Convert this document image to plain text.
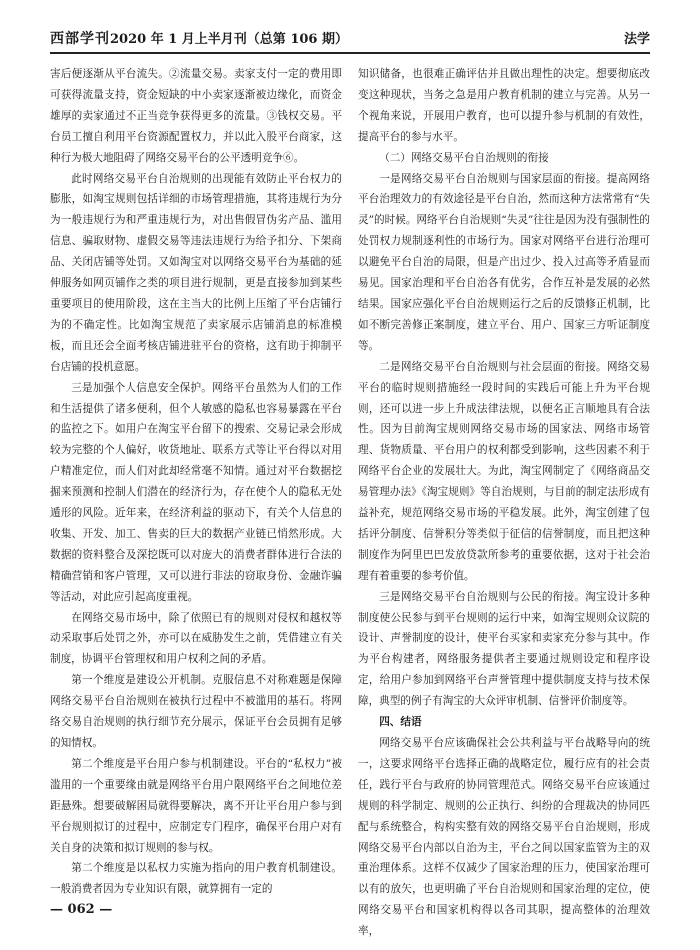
西部学刊2020 年 1 月上半月刊（总第 106 期）	法学

害后便逐渐从平台流失。②流量交易。卖家支付一定的费用即可获得流量支持，资金短缺的中小卖家逐渐被边缘化，而资金雄厚的卖家通过不正当竞争获得更多的流量。③钱权交易。平台员工擅自利用平台资源配置权力，并以此入股平台商家，这种行为极大地阻碍了网络交易平台的公平透明竞争⑥。

此时网络交易平台自治规则的出现能有效防止平台权力的膨胀，如淘宝规则包括详细的市场管理措施，其将违规行为分为一般违规行为和严重违规行为，对出售假冒伪劣产品、滥用信息、骗取财物、虚假交易等违法违规行为给予扣分、下架商品、关闭店铺等处罚。又如淘宝对以网络交易平台为基础的延伸服务如网页铺作之类的项目进行规制，更是直接参加到某些重要项目的使用阶段，这在主当大的比例上压缩了平台店铺行为的不确定性。比如淘宝规范了卖家展示店铺消息的标准模板，而且还会全面考核店铺进驻平台的资格，这有助于抑制平台店铺的投机意愿。

三是加强个人信息安全保护。网络平台虽然为人们的工作和生活提供了诸多便利，但个人敏感的隐私也容易暴露在平台的监控之下。如用户在淘宝平台留下的搜索、交易记录会形成较为完整的个人偏好，收货地址、联系方式等让平台得以对用户精准定位，而人们对此却经常毫不知情。通过对平台数据挖掘来预测和控制人们潜在的经济行为，存在使个人的隐私无处遁形的风险。近年来，在经济利益的驱动下，有关个人信息的收集、开发、加工、售卖的巨大的数据产业链已悄然形成。大数据的资料整合及深挖既可以对庞大的消费者群体进行合法的精确营销和客户管理，又可以进行非法的窃取身份、金融诈骗等活动，对此应引起高度重视。

在网络交易市场中，除了依照已有的规则对侵权和越权等动采取事后处罚之外，亦可以在威胁发生之前，凭借建立有关制度，协调平台管理权和用户权利之间的矛盾。

第一个维度是建设公开机制。克服信息不对称难题是保障网络交易平台自治规则在被执行过程中不被滥用的基石。将网络交易自治规则的执行细节充分展示，保证平台会员拥有足够的知情权。

第二个维度是平台用户参与机制建设。平台的“私权力”被滥用的一个重要缘由就是网络平台用户限网络平台之间地位差距悬殊。想要破解困局就得要解决，离不开让平台用户参与到平台规则拟订的过程中，应制定专门程序，确保平台用户对有关自身的决策和拟订规则的参与权。

第二个维度是以私权力实施为指向的用户教育机制建设。一般消费者因为专业知识有限，就算拥有一定的

知识储备，也很难正确评估并且做出理性的决定。想要彻底改变这种现状，当务之急是用户教育机制的建立与完善。从另一个视角来说，开展用户教育，也可以提升参与机制的有效性，提高平台的参与水平。

（二）网络交易平台自治规则的衔接

一是网络交易平台自治规则与国家层面的衔接。提高网络平台治理效力的有效途径是平台自治，然而这种方法常常有“失灵”的时候。网络平台自治规则“失灵”往往是因为没有强制性的处罚权力规制逐利性的市场行为。国家对网络平台进行治理可以避免平台自治的局限，但是产出过少、投入过高等矛盾显而易见。国家治理和平台自治各有优劣，合作互补是发展的必然结果。国家应强化平台自治规则运行之后的反馈修正机制，比如不断完善修正案制度，建立平台、用户、国家三方听证制度等。

二是网络交易平台自治规则与社会层面的衔接。网络交易平台的临时规则措施经一段时间的实践后可能上升为平台规则，还可以进一步上升成法律法规，以便名正言顺地具有合法性。因为目前淘宝规则网络交易市场的国家法、网络市场管理、货物质量、平台用户的权利都受到影响，这些因素不利于网络平台企业的发展壮大。为此，淘宝网制定了《网络商品交易管理办法》《淘宝规则》等自治规则，与目前的制定法形成有益补充，规范网络交易市场的平稳发展。此外，淘宝创建了包括评分制度、信誉积分等类似于征信的信誉制度，而且把这种制度作为阿里巴巴发放贷款所参考的重要依据，这对于社会治理有着重要的参考价值。

三是网络交易平台自治规则与公民的衔接。淘宝设计多种制度使公民参与到平台规则的运行中来，如淘宝规则众议院的设计、声誉制度的设计，使平台买家和卖家充分参与其中。作为平台构建者，网络服务提供者主要通过规则设定和程序设定，给用户参加到网络平台声誉管理中提供制度支持与技术保障，典型的例子有淘宝的大众评审机制、信誉评价制度等。

四、结语

网络交易平台应该确保社会公共利益与平台战略导向的统一，这要求网络平台选择正确的战略定位，履行应有的社会责任，践行平台与政府的协同管理范式。网络交易平台应该通过规则的科学制定、规则的公正执行、纠纷的合理裁决的协同匹配与系统整合，构构实整有效的网络交易平台自治规则，形成网络交易平台内部以自治为主，平台之间以国家监管为主的双重治理体系。这样不仅减少了国家治理的压力，使国家治理可以有的放矢，也更明确了平台自治规则和国家治理的定位，使网络交易平台和国家机构得以各司其职，提高整体的治理效率，

— 062 —
